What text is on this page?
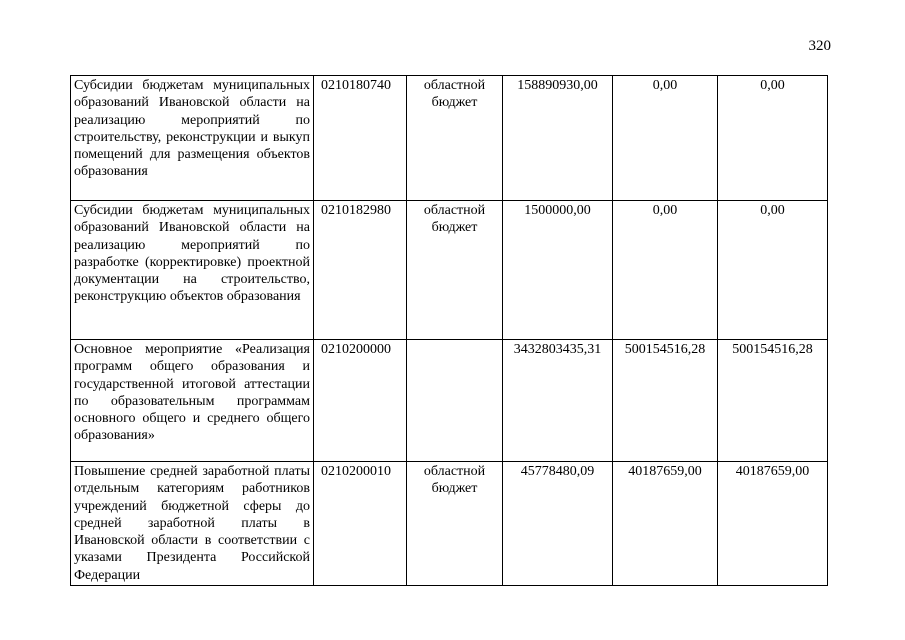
320
Субсидии бюджетам муниципальных образований Ивановской области на реализацию мероприятий по строительству, реконструкции и выкуп помещений для размещения объектов образования	0210180740	областной бюджет	158890930,00	0,00	0,00
Субсидии бюджетам муниципальных образований Ивановской области на реализацию мероприятий по разработке (корректировке) проектной документации на строительство, реконструкцию объектов образования	0210182980	областной бюджет	1500000,00	0,00	0,00
Основное мероприятие «Реализация программ общего образования и государственной итоговой аттестации по образовательным программам основного общего и среднего общего образования»	0210200000		3432803435,31	500154516,28	500154516,28
Повышение средней заработной платы отдельным категориям работников учреждений бюджетной сферы до средней заработной платы в Ивановской области в соответствии с указами Президента Российской Федерации	0210200010	областной бюджет	45778480,09	40187659,00	40187659,00
